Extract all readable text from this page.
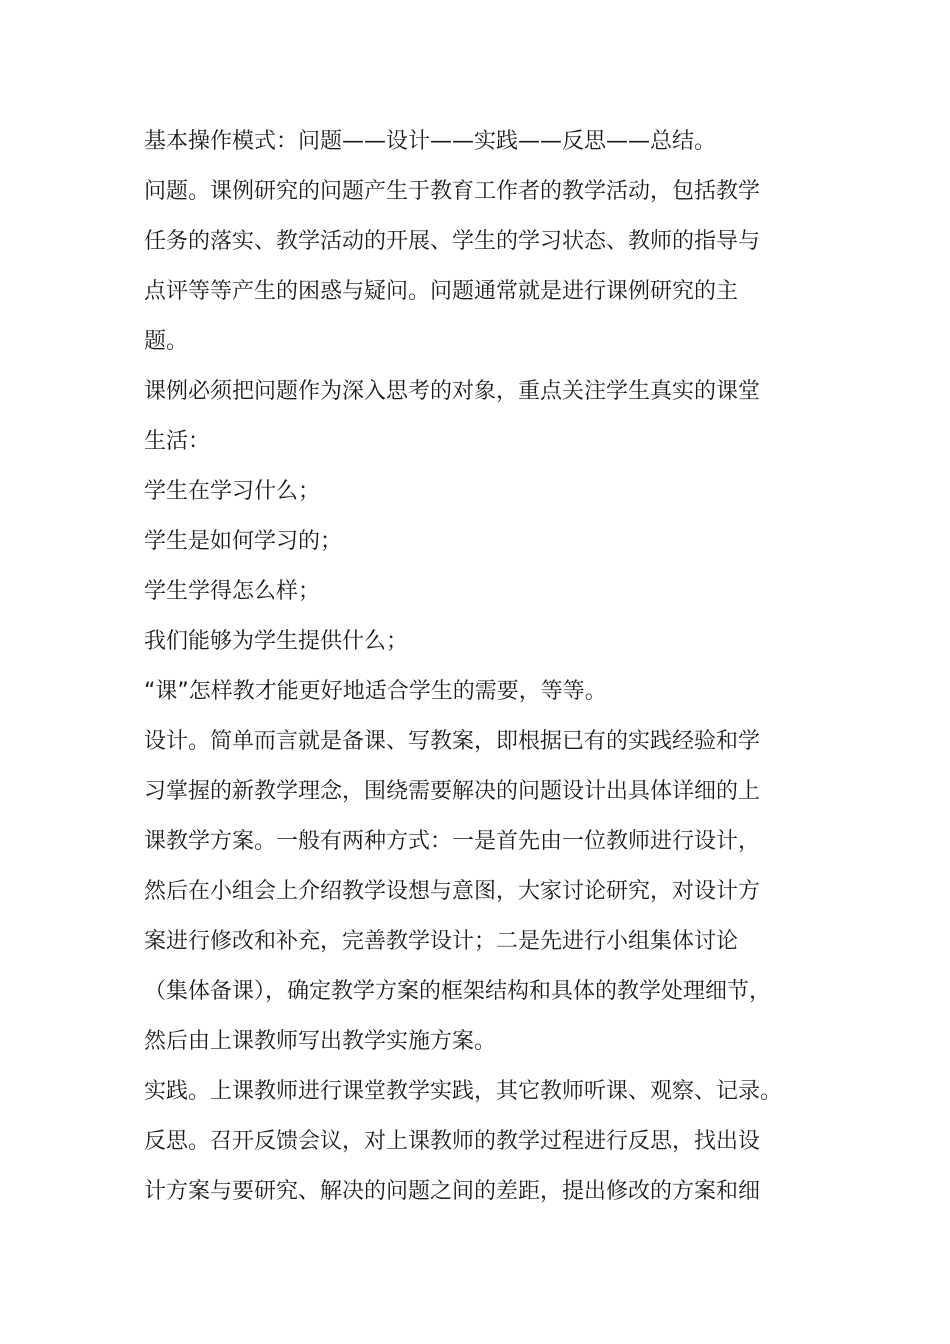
基本操作模式：问题——设计——实践——反思——总结。
问题。课例研究的问题产生于教育工作者的教学活动，包括教学
任务的落实、教学活动的开展、学生的学习状态、教师的指导与
点评等等产生的困惑与疑问。问题通常就是进行课例研究的主
题。
课例必须把问题作为深入思考的对象，重点关注学生真实的课堂
生活：
学生在学习什么；
学生是如何学习的；
学生学得怎么样；
我们能够为学生提供什么；
“课”怎样教才能更好地适合学生的需要，等等。
设计。简单而言就是备课、写教案，即根据已有的实践经验和学
习掌握的新教学理念，围绕需要解决的问题设计出具体详细的上
课教学方案。一般有两种方式：一是首先由一位教师进行设计，
然后在小组会上介绍教学设想与意图，大家讨论研究，对设计方
案进行修改和补充，完善教学设计；二是先进行小组集体讨论
（集体备课），确定教学方案的框架结构和具体的教学处理细节，
然后由上课教师写出教学实施方案。
实践。上课教师进行课堂教学实践，其它教师听课、观察、记录。
反思。召开反馈会议，对上课教师的教学过程进行反思，找出设
计方案与要研究、解决的问题之间的差距，提出修改的方案和细
